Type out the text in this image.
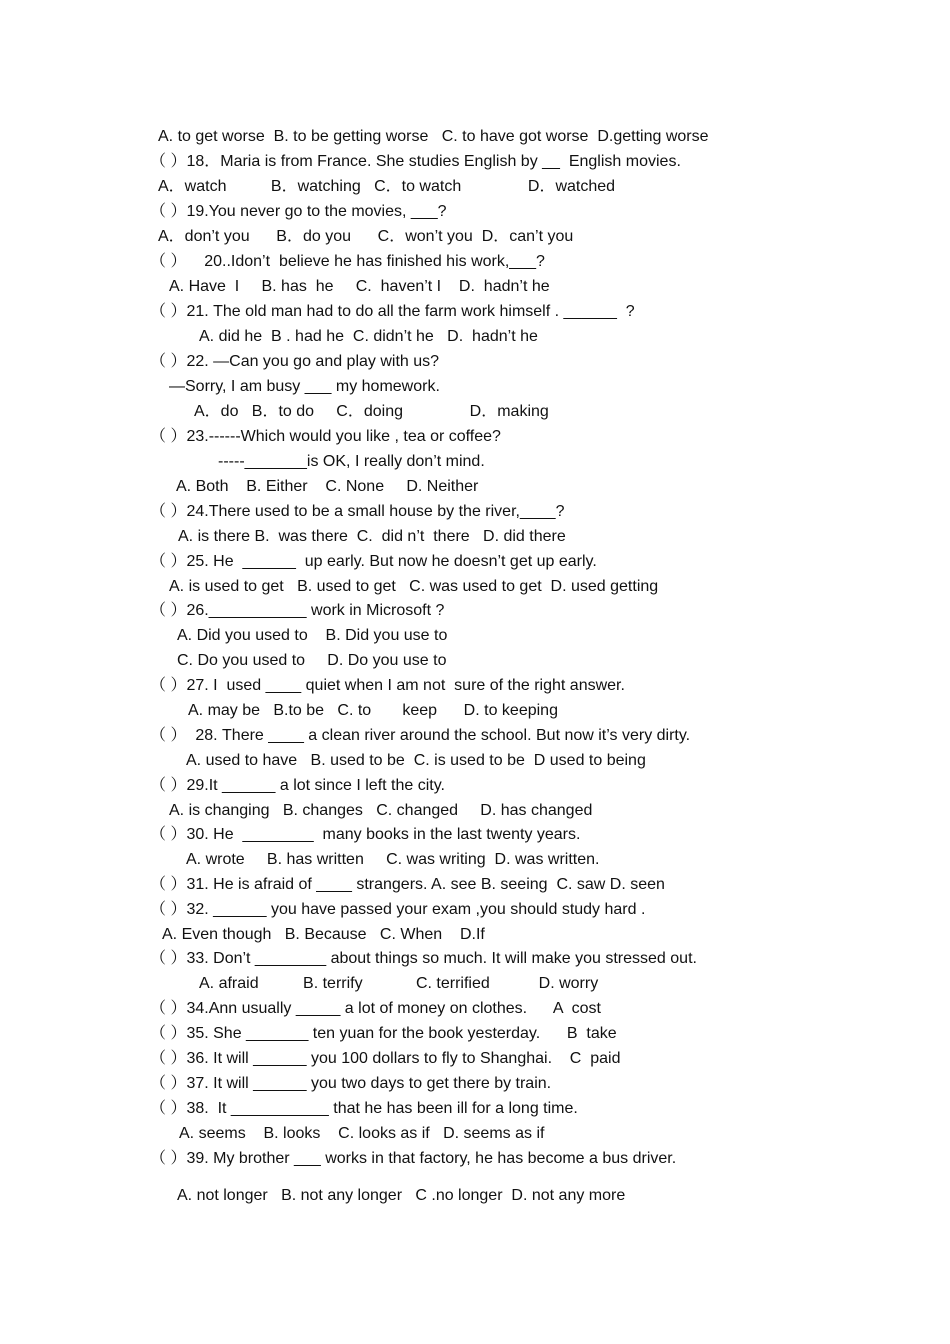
A. to get worse  B. to be getting worse   C. to have got worse  D.getting worse
（ ）18．Maria is from France. She studies English by __  English movies.
A．watch          B．watching   C．to watch               D．watched
（ ）19.You never go to the movies, ___?
A．don’t you      B．do you      C．won’t you  D．can’t you
（ ）    20..Idon’t  believe he has finished his work,___?
A. Have  I     B. has  he     C.  haven’t I    D.  hadn’t he
（ ）21. The old man had to do all the farm work himself . ______  ?
A. did he  B . had he  C. didn’t he   D.  hadn’t he
（ ）22. —Can you go and play with us?
—Sorry, I am busy ___ my homework.
A．do   B．to do     C．doing               D．making
（ ）23.------Which would you like , tea or coffee?
-----_______is OK, I really don’t mind.
A. Both    B. Either    C. None     D. Neither
（ ）24.There used to be a small house by the river,____?
A. is there B.  was there  C.  did n’t  there   D. did there
（ ）25. He  ______  up early. But now he doesn’t get up early.
A. is used to get   B. used to get   C. was used to get  D. used getting
（ ）26.___________ work in Microsoft ?
A. Did you used to    B. Did you use to
C. Do you used to     D. Do you use to
（ ）27. I  used ____ quiet when I am not  sure of the right answer.
A. may be   B.to be   C. to       keep      D. to keeping
（ ）  28. There ____ a clean river around the school. But now it’s very dirty.
A. used to have   B. used to be  C. is used to be  D used to being
（ ）29.It ______ a lot since I left the city.
A. is changing   B. changes   C. changed     D. has changed
（ ）30. He  ________  many books in the last twenty years.
A. wrote     B. has written     C. was writing  D. was written.
（ ）31. He is afraid of ____ strangers. A. see B. seeing  C. saw D. seen
（ ）32. ______ you have passed your exam ,you should study hard .
A. Even though   B. Because   C. When    D.If
（ ）33. Don’t ________ about things so much. It will make you stressed out.
A. afraid          B. terrify            C. terrified           D. worry
（ ）34.Ann usually _____ a lot of money on clothes.      A  cost
（ ）35. She _______ ten yuan for the book yesterday.      B  take
（ ）36. It will ______ you 100 dollars to fly to Shanghai.    C  paid
（ ）37. It will ______ you two days to get there by train.
（ ）38.  It ___________ that he has been ill for a long time.
A. seems    B. looks    C. looks as if   D. seems as if
（ ）39. My brother ___ works in that factory, he has become a bus driver.
A. not longer   B. not any longer   C .no longer  D. not any more
